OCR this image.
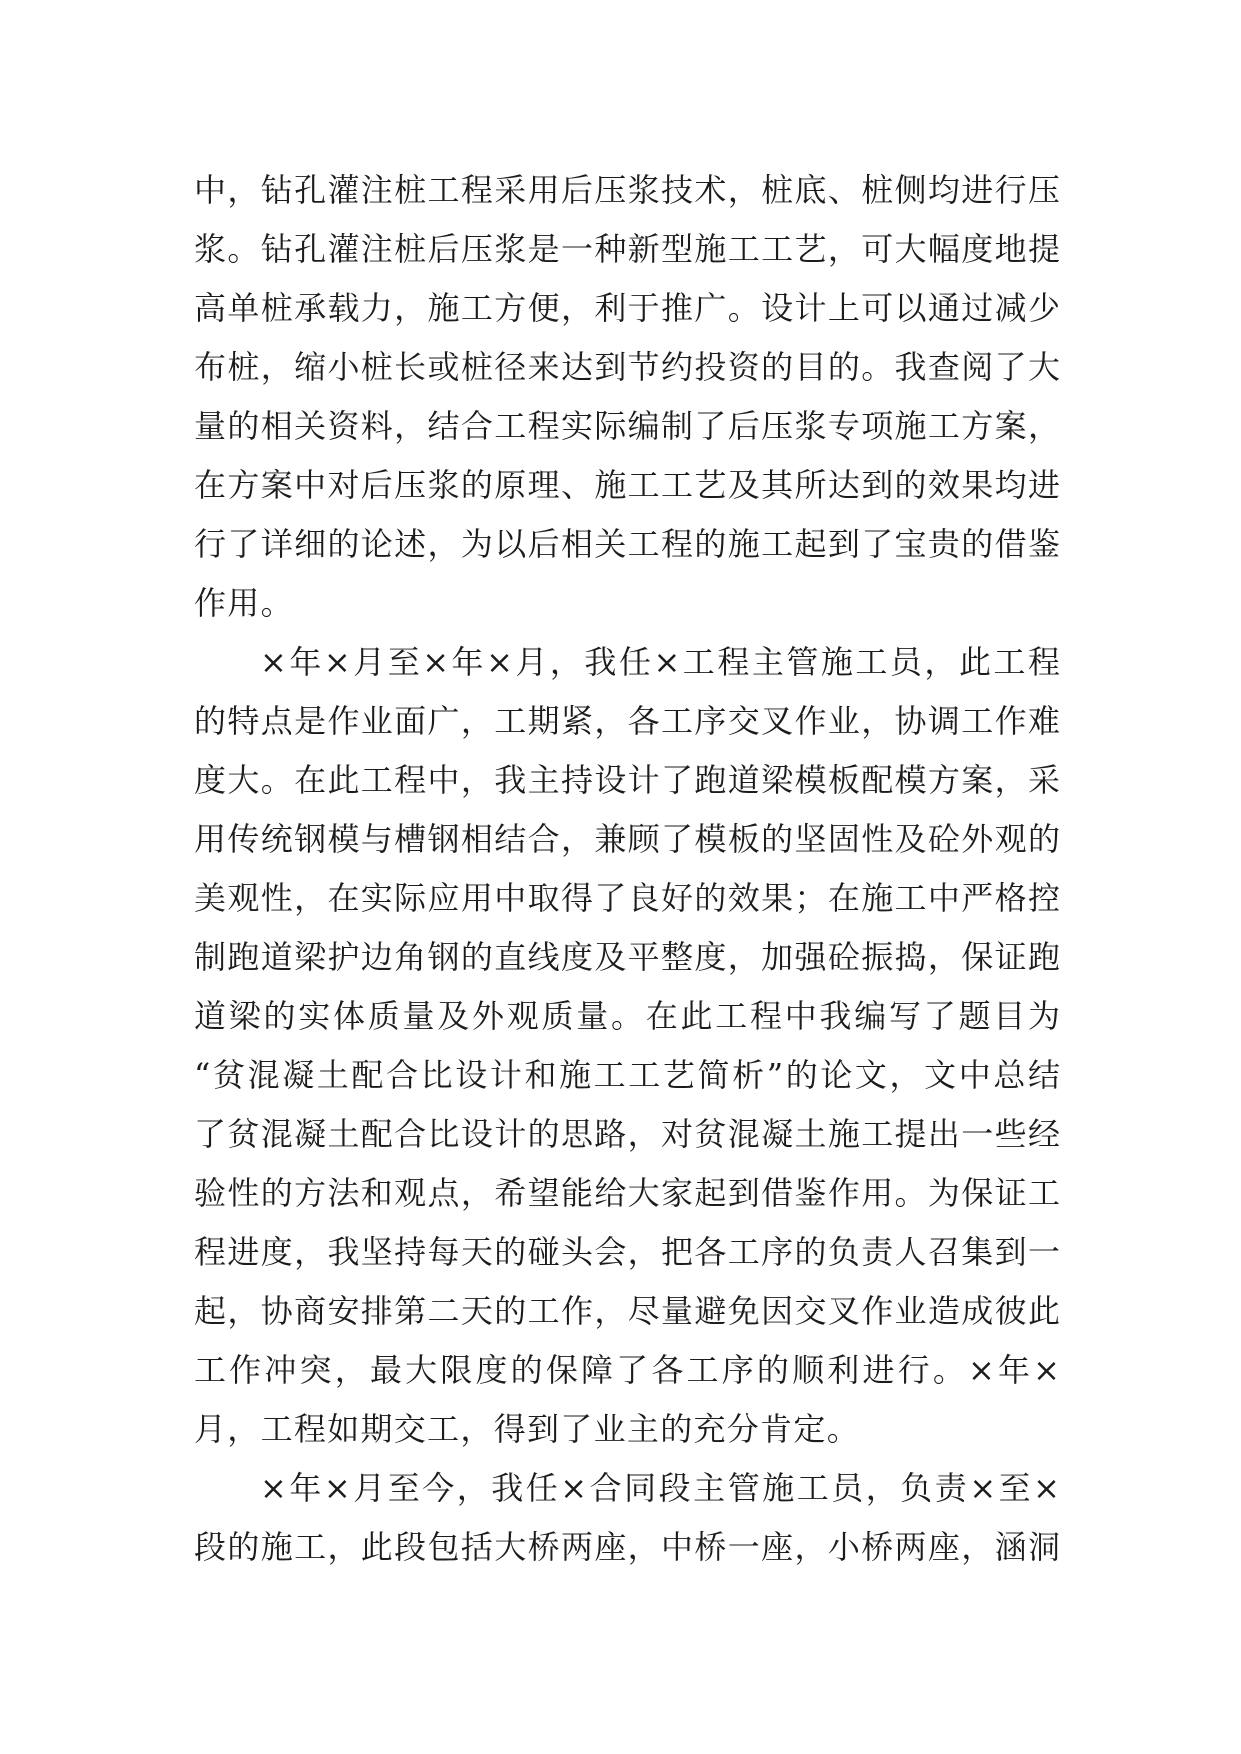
中，钻孔灌注桩工程采用后压浆技术，桩底、桩侧均进行压
浆。钻孔灌注桩后压浆是一种新型施工工艺，可大幅度地提
高单桩承载力，施工方便，利于推广。设计上可以通过减少
布桩，缩小桩长或桩径来达到节约投资的目的。我查阅了大
量的相关资料，结合工程实际编制了后压浆专项施工方案，
在方案中对后压浆的原理、施工工艺及其所达到的效果均进
行了详细的论述，为以后相关工程的施工起到了宝贵的借鉴
作用。
×年×月至×年×月，我任×工程主管施工员，此工程
的特点是作业面广，工期紧，各工序交叉作业，协调工作难
度大。在此工程中，我主持设计了跑道梁模板配模方案，采
用传统钢模与槽钢相结合，兼顾了模板的坚固性及砼外观的
美观性，在实际应用中取得了良好的效果；在施工中严格控
制跑道梁护边角钢的直线度及平整度，加强砼振捣，保证跑
道梁的实体质量及外观质量。在此工程中我编写了题目为
“贫混凝土配合比设计和施工工艺简析”的论文，文中总结
了贫混凝土配合比设计的思路，对贫混凝土施工提出一些经
验性的方法和观点，希望能给大家起到借鉴作用。为保证工
程进度，我坚持每天的碰头会，把各工序的负责人召集到一
起，协商安排第二天的工作，尽量避免因交叉作业造成彼此
工作冲突，最大限度的保障了各工序的顺利进行。×年×
月，工程如期交工，得到了业主的充分肯定。
×年×月至今，我任×合同段主管施工员，负责×至×
段的施工，此段包括大桥两座，中桥一座，小桥两座，涵洞
